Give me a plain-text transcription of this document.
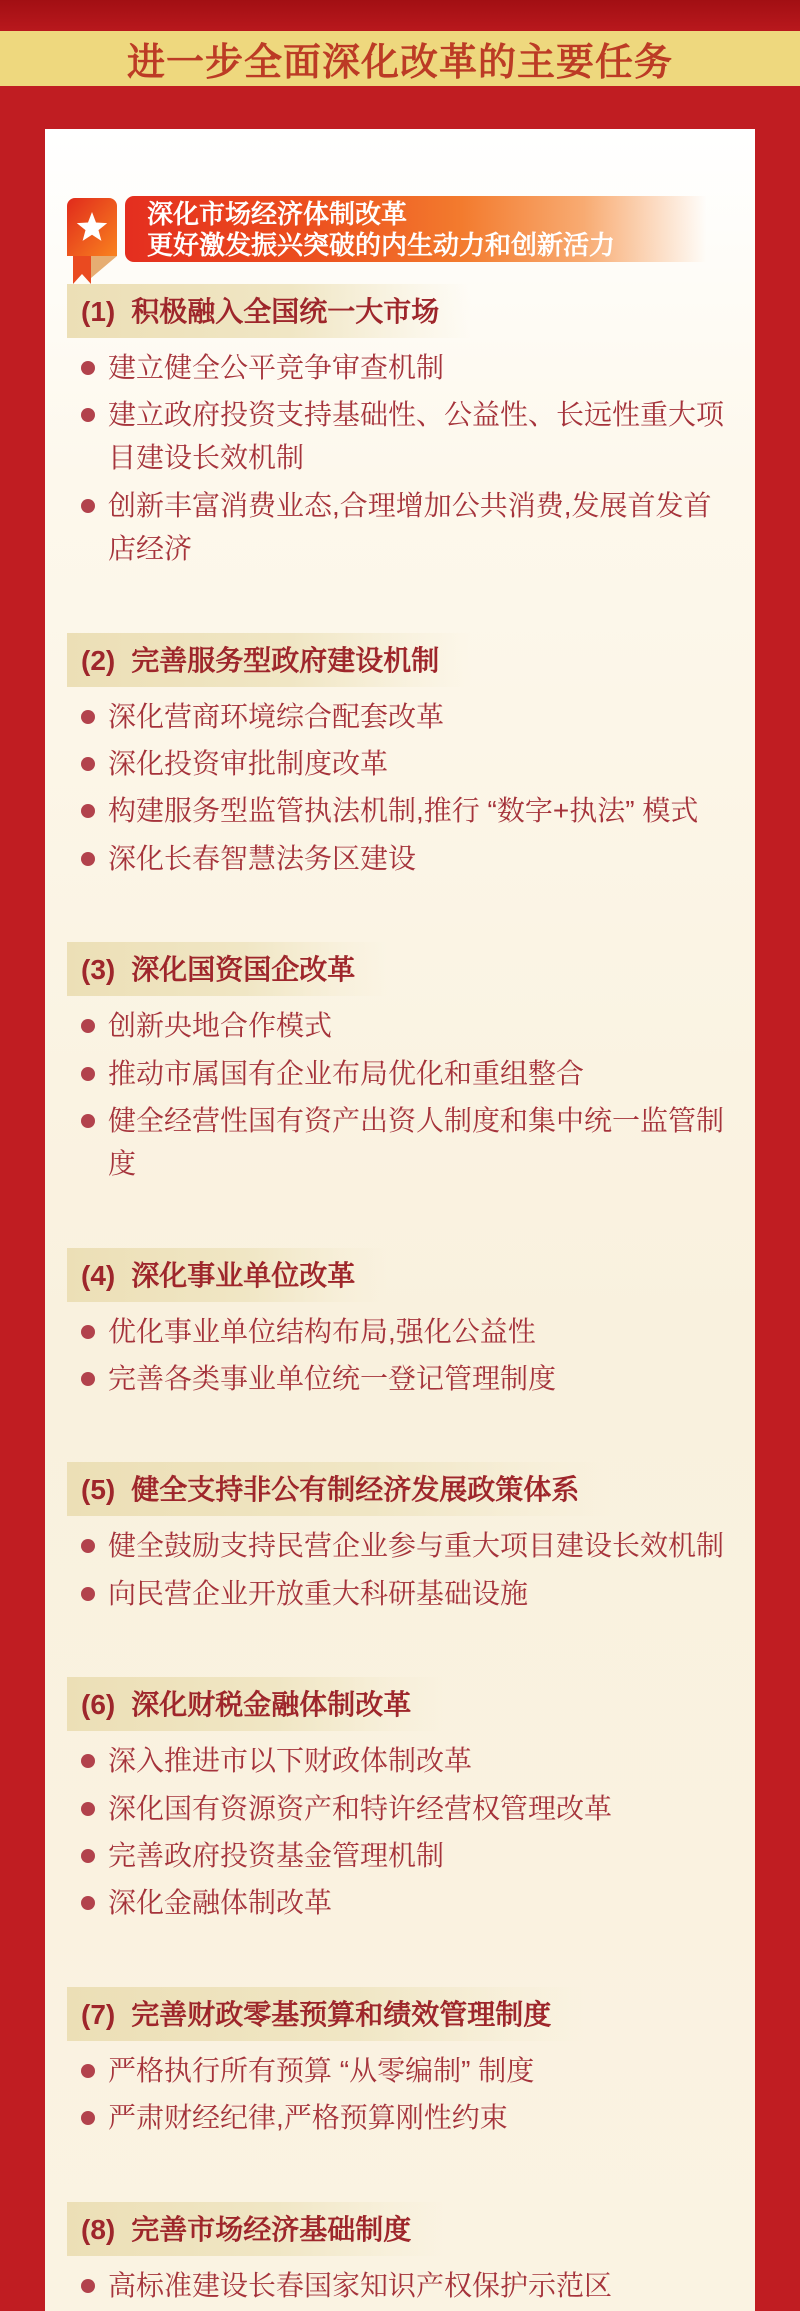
进一步全面深化改革的主要任务
深化市场经济体制改革
更好激发振兴突破的内生动力和创新活力
(1) 积极融入全国统一大市场
建立健全公平竞争审查机制
建立政府投资支持基础性、公益性、长远性重大项目建设长效机制
创新丰富消费业态,合理增加公共消费,发展首发首店经济
(2) 完善服务型政府建设机制
深化营商环境综合配套改革
深化投资审批制度改革
构建服务型监管执法机制,推行 “数字+执法” 模式
深化长春智慧法务区建设
(3) 深化国资国企改革
创新央地合作模式
推动市属国有企业布局优化和重组整合
健全经营性国有资产出资人制度和集中统一监管制度
(4) 深化事业单位改革
优化事业单位结构布局,强化公益性
完善各类事业单位统一登记管理制度
(5) 健全支持非公有制经济发展政策体系
健全鼓励支持民营企业参与重大项目建设长效机制
向民营企业开放重大科研基础设施
(6) 深化财税金融体制改革
深入推进市以下财政体制改革
深化国有资源资产和特许经营权管理改革
完善政府投资基金管理机制
深化金融体制改革
(7) 完善财政零基预算和绩效管理制度
严格执行所有预算 “从零编制” 制度
严肃财经纪律,严格预算刚性约束
(8) 完善市场经济基础制度
高标准建设长春国家知识产权保护示范区
